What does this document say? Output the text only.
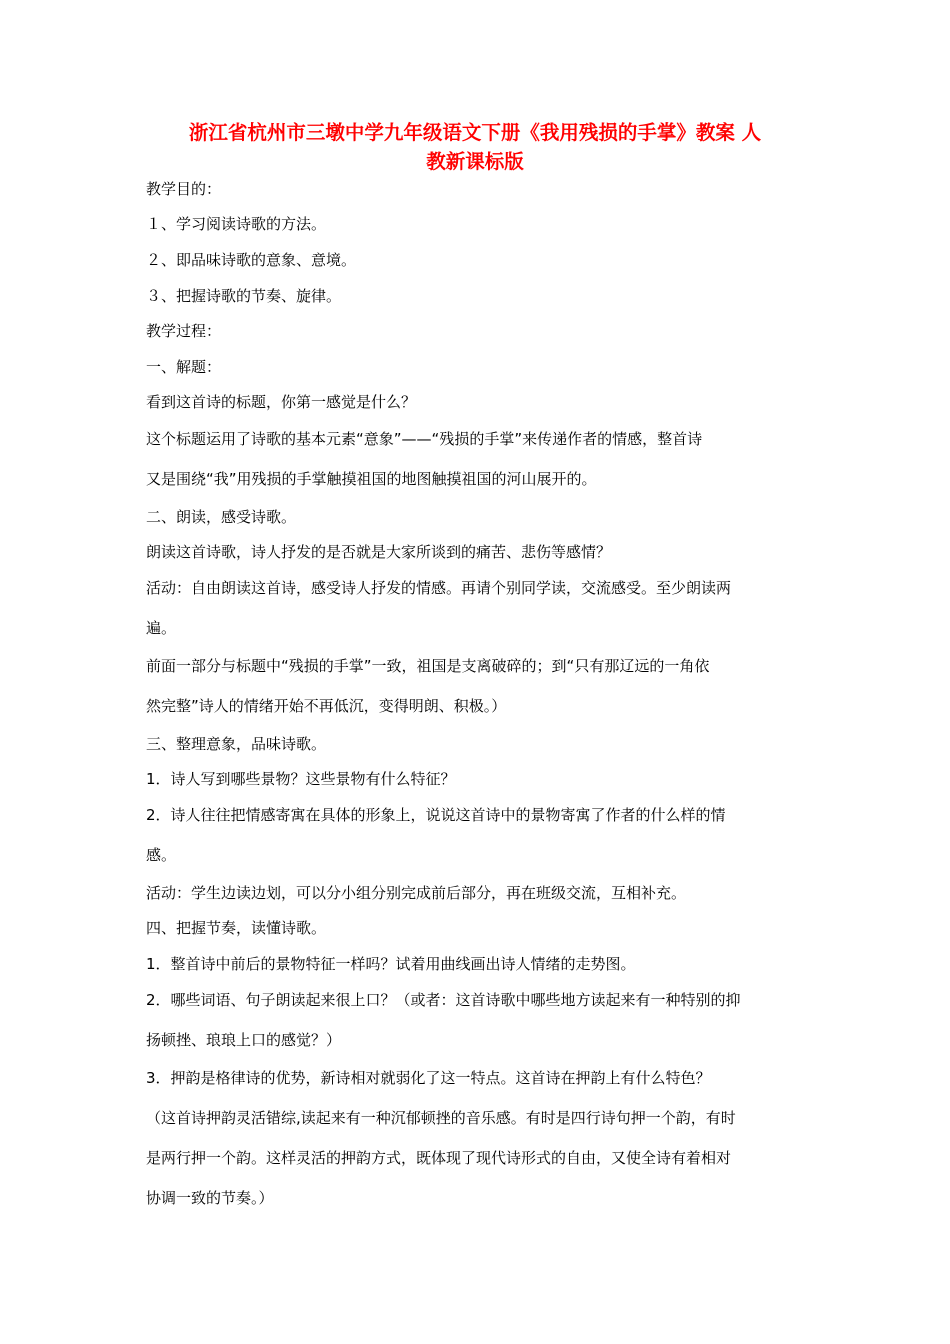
浙江省杭州市三墩中学九年级语文下册《我用残损的手掌》教案 人
教新课标版
教学目的：
１、学习阅读诗歌的方法。
２、即品味诗歌的意象、意境。
３、把握诗歌的节奏、旋律。
教学过程：
一、解题：
看到这首诗的标题，你第一感觉是什么？
这个标题运用了诗歌的基本元素“意象”——“残损的手掌”来传递作者的情感，整首诗
又是围绕“我”用残损的手掌触摸祖国的地图触摸祖国的河山展开的。
二、朗读，感受诗歌。
朗读这首诗歌，诗人抒发的是否就是大家所谈到的痛苦、悲伤等感情？
活动：自由朗读这首诗，感受诗人抒发的情感。再请个别同学读，交流感受。至少朗读两
遍。
前面一部分与标题中“残损的手掌”一致，祖国是支离破碎的；到“只有那辽远的一角依
然完整”诗人的情绪开始不再低沉，变得明朗、积极。）
三、整理意象，品味诗歌。
1．诗人写到哪些景物？这些景物有什么特征？
2．诗人往往把情感寄寓在具体的形象上，说说这首诗中的景物寄寓了作者的什么样的情
感。
活动：学生边读边划，可以分小组分别完成前后部分，再在班级交流，互相补充。
四、把握节奏，读懂诗歌。
1．整首诗中前后的景物特征一样吗？试着用曲线画出诗人情绪的走势图。
2．哪些词语、句子朗读起来很上口？（或者：这首诗歌中哪些地方读起来有一种特别的抑
扬顿挫、琅琅上口的感觉？）
3．押韵是格律诗的优势，新诗相对就弱化了这一特点。这首诗在押韵上有什么特色？
（这首诗押韵灵活错综,读起来有一种沉郁顿挫的音乐感。有时是四行诗句押一个韵，有时
是两行押一个韵。这样灵活的押韵方式，既体现了现代诗形式的自由，又使全诗有着相对
协调一致的节奏。）
